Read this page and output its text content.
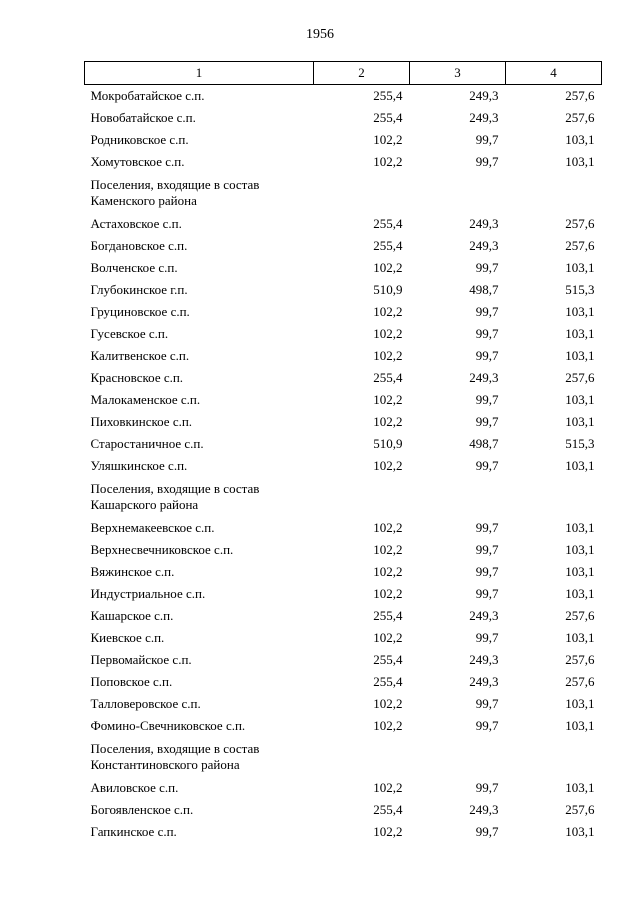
1956
1	2	3	4
Мокробатайское с.п.	255,4	249,3	257,6
Новобатайское с.п.	255,4	249,3	257,6
Родниковское с.п.	102,2	99,7	103,1
Хомутовское с.п.	102,2	99,7	103,1
Поселения, входящие в состав Каменского района			
Астаховское с.п.	255,4	249,3	257,6
Богдановское с.п.	255,4	249,3	257,6
Волченское с.п.	102,2	99,7	103,1
Глубокинское г.п.	510,9	498,7	515,3
Груциновское с.п.	102,2	99,7	103,1
Гусевское с.п.	102,2	99,7	103,1
Калитвенское с.п.	102,2	99,7	103,1
Красновское с.п.	255,4	249,3	257,6
Малокаменское с.п.	102,2	99,7	103,1
Пиховкинское с.п.	102,2	99,7	103,1
Старостаничное с.п.	510,9	498,7	515,3
Уляшкинское с.п.	102,2	99,7	103,1
Поселения, входящие в состав Кашарского района			
Верхнемакеевское с.п.	102,2	99,7	103,1
Верхнесвечниковское с.п.	102,2	99,7	103,1
Вяжинское с.п.	102,2	99,7	103,1
Индустриальное с.п.	102,2	99,7	103,1
Кашарское с.п.	255,4	249,3	257,6
Киевское с.п.	102,2	99,7	103,1
Первомайское с.п.	255,4	249,3	257,6
Поповское с.п.	255,4	249,3	257,6
Талловеровское с.п.	102,2	99,7	103,1
Фомино-Свечниковское с.п.	102,2	99,7	103,1
Поселения, входящие в состав Константиновского района			
Авиловское с.п.	102,2	99,7	103,1
Богоявленское с.п.	255,4	249,3	257,6
Гапкинское с.п.	102,2	99,7	103,1
